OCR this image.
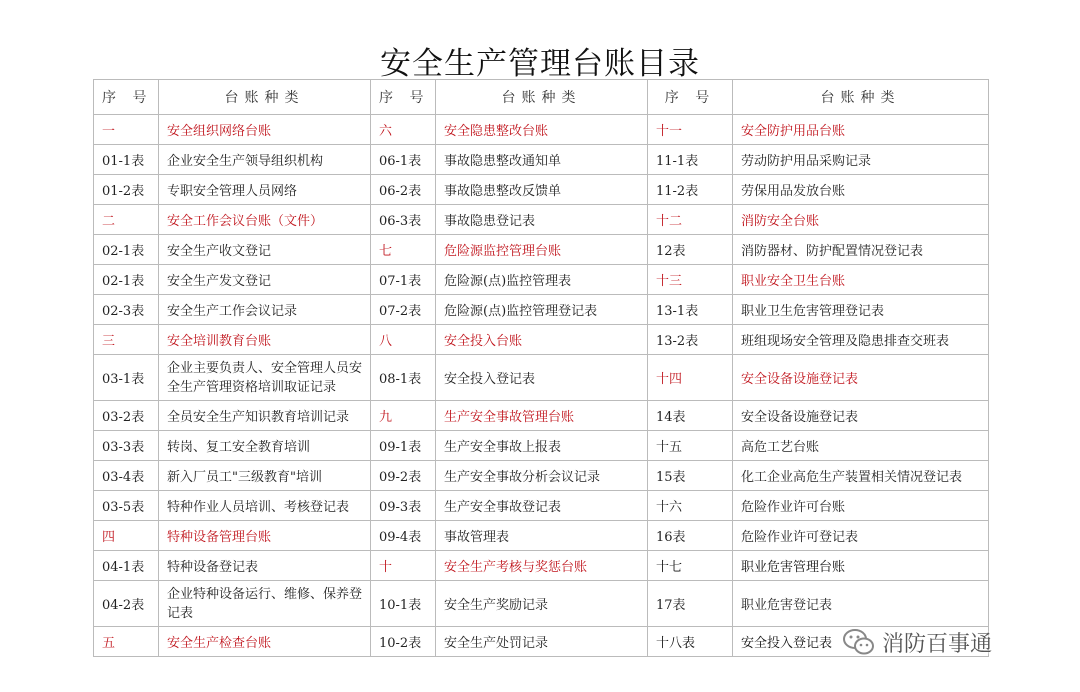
安全生产管理台账目录
序 号	台账种类	序 号	台账种类	序 号	台账种类
一	安全组织网络台账	六	安全隐患整改台账	十一	安全防护用品台账
01-1表	企业安全生产领导组织机构	06-1表	事故隐患整改通知单	11-1表	劳动防护用品采购记录
01-2表	专职安全管理人员网络	06-2表	事故隐患整改反馈单	11-2表	劳保用品发放台账
二	安全工作会议台账（文件）	06-3表	事故隐患登记表	十二	消防安全台账
02-1表	安全生产收文登记	七	危险源监控管理台账	12表	消防器材、防护配置情况登记表
02-1表	安全生产发文登记	07-1表	危险源(点)监控管理表	十三	职业安全卫生台账
02-3表	安全生产工作会议记录	07-2表	危险源(点)监控管理登记表	13-1表	职业卫生危害管理登记表
三	安全培训教育台账	八	安全投入台账	13-2表	班组现场安全管理及隐患排查交班表
03-1表	企业主要负责人、安全管理人员安全生产管理资格培训取证记录	08-1表	安全投入登记表	十四	安全设备设施登记表
03-2表	全员安全生产知识教育培训记录	九	生产安全事故管理台账	14表	安全设备设施登记表
03-3表	转岗、复工安全教育培训	09-1表	生产安全事故上报表	十五	高危工艺台账
03-4表	新入厂员工"三级教育"培训	09-2表	生产安全事故分析会议记录	15表	化工企业高危生产装置相关情况登记表
03-5表	特种作业人员培训、考核登记表	09-3表	生产安全事故登记表	十六	危险作业许可台账
四	特种设备管理台账	09-4表	事故管理表	16表	危险作业许可登记表
04-1表	特种设备登记表	十	安全生产考核与奖惩台账	十七	职业危害管理台账
04-2表	企业特种设备运行、维修、保养登记表	10-1表	安全生产奖励记录	17表	职业危害登记表
五	安全生产检查台账	10-2表	安全生产处罚记录	十八表	安全投入登记表 消防百事通
